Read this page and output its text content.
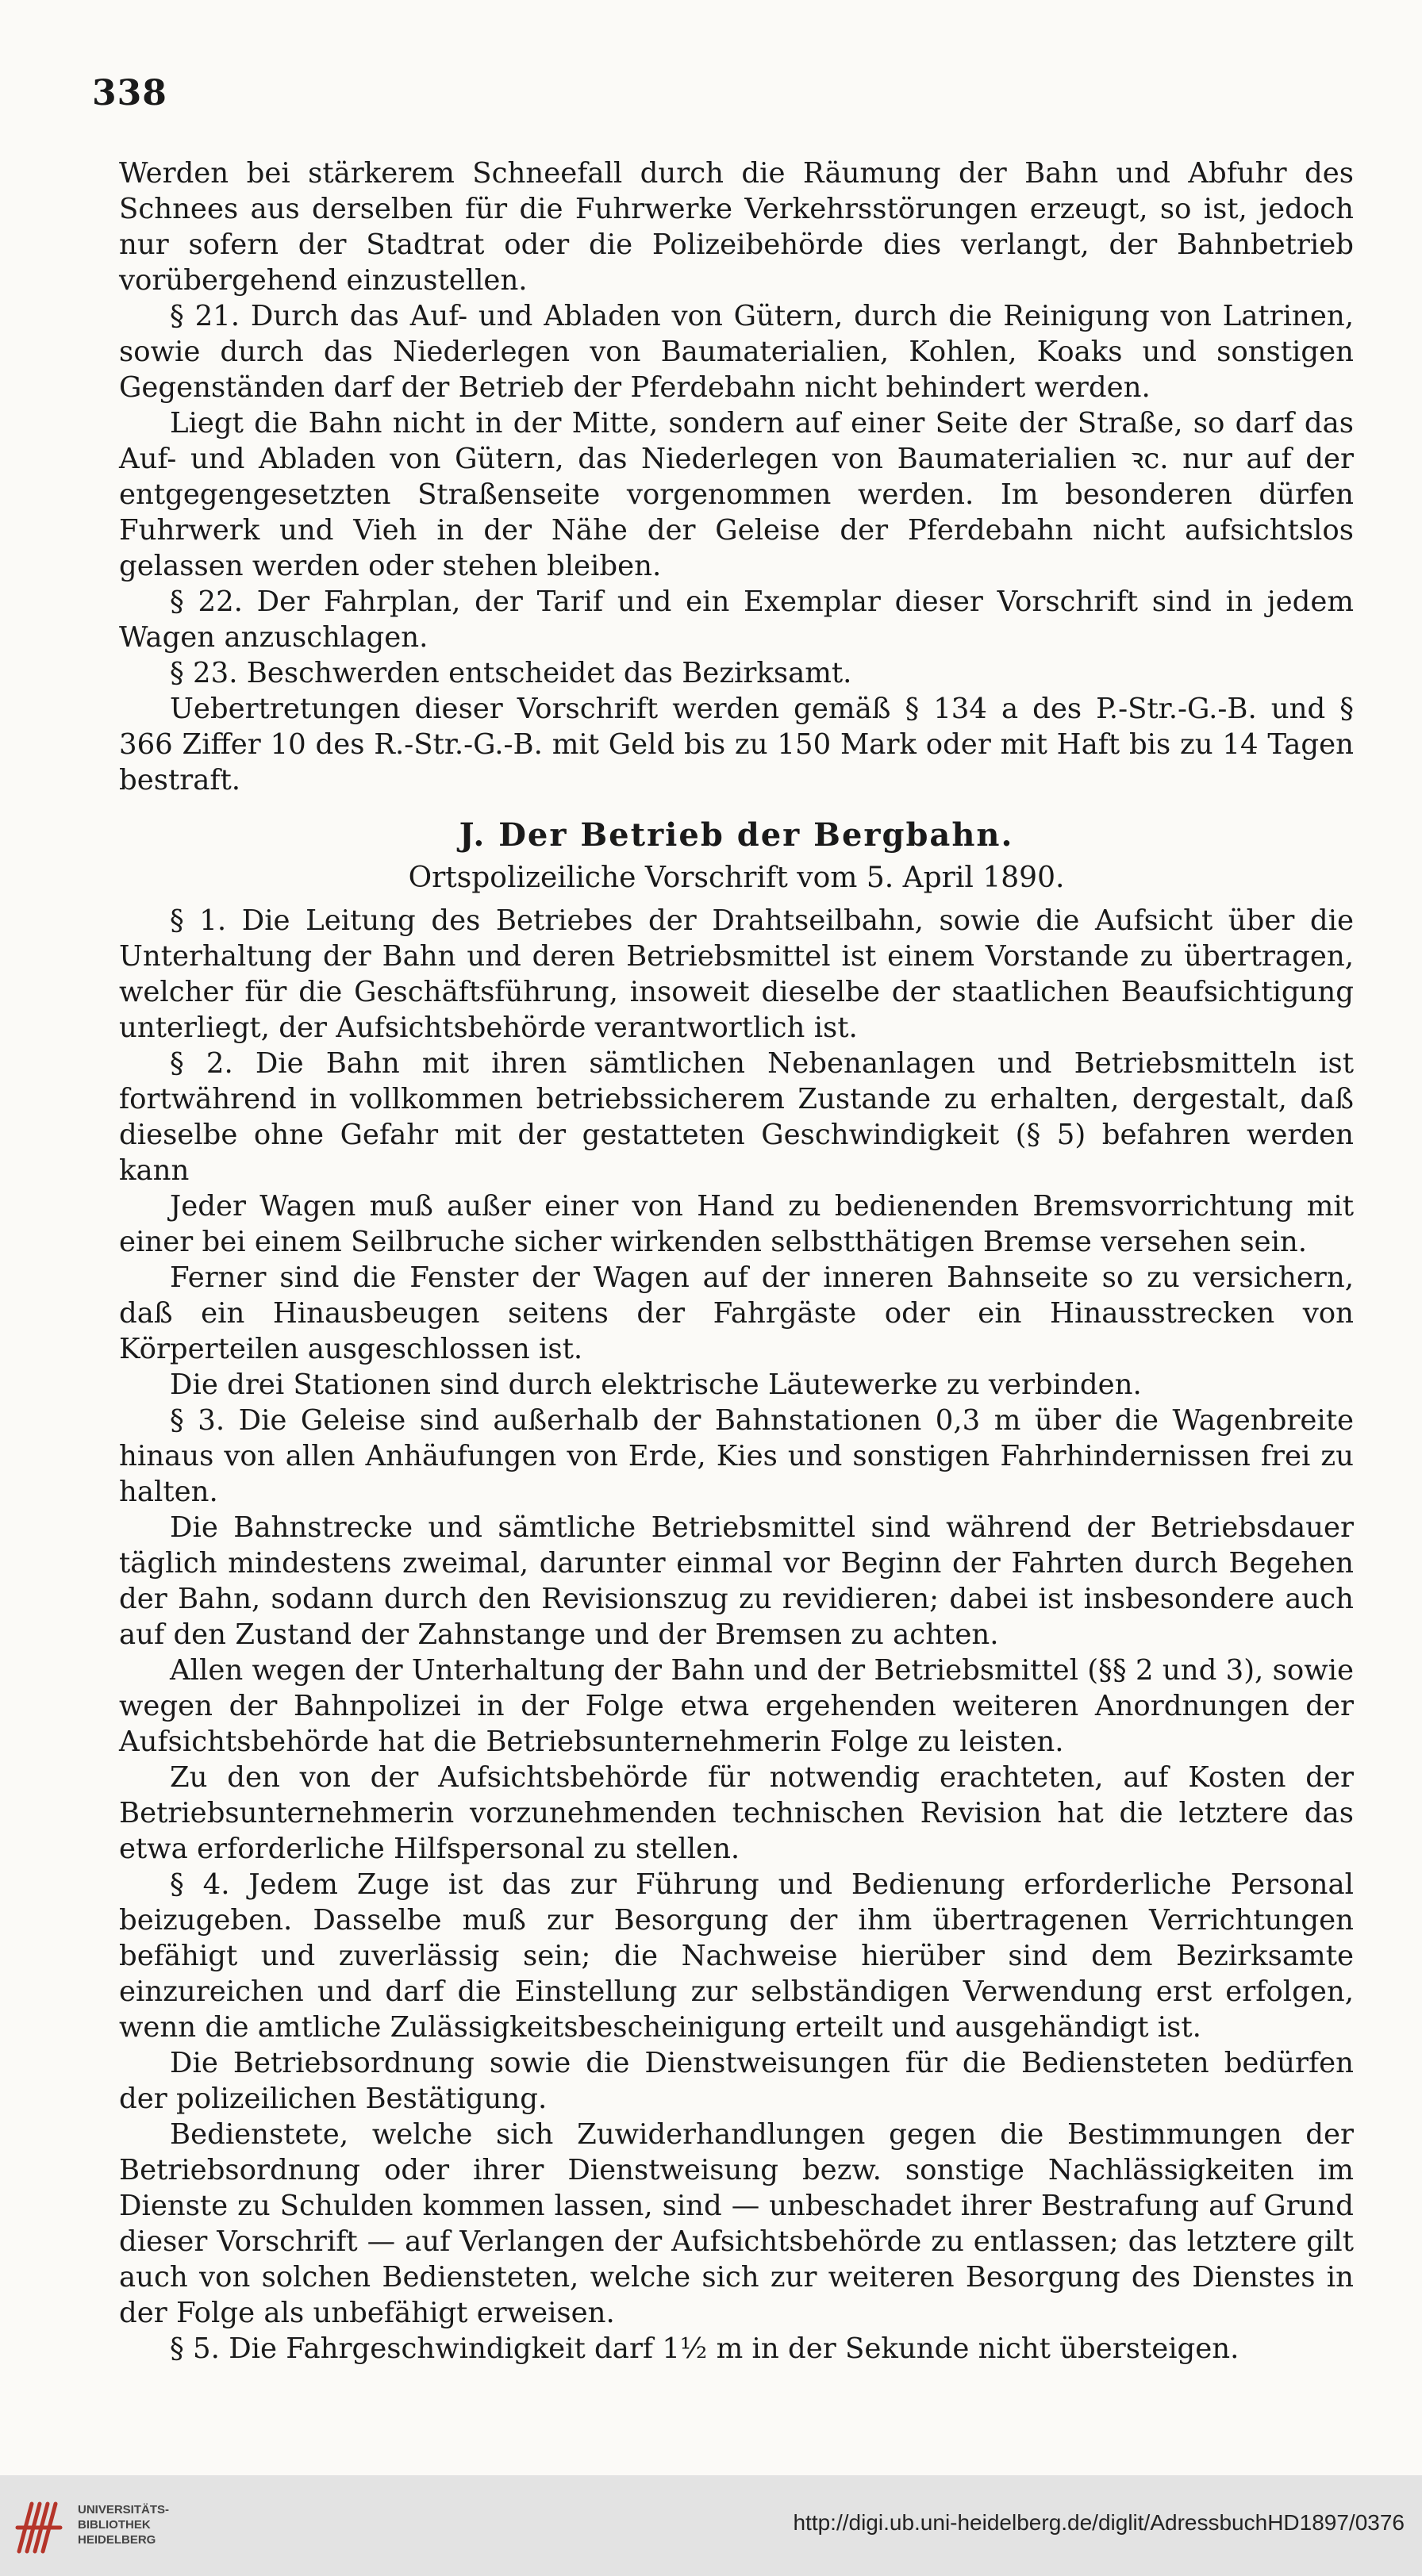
338

Werden bei stärkerem Schneefall durch die Räumung der Bahn und Abfuhr des Schnees aus derselben für die Fuhrwerke Verkehrsstörungen erzeugt, so ist, jedoch nur sofern der Stadtrat oder die Polizeibehörde dies verlangt, der Bahnbetrieb vorübergehend einzustellen.

§ 21. Durch das Auf- und Abladen von Gütern, durch die Reinigung von Latrinen, sowie durch das Niederlegen von Baumaterialien, Kohlen, Koaks und sonstigen Gegenständen darf der Betrieb der Pferdebahn nicht behindert werden.

Liegt die Bahn nicht in der Mitte, sondern auf einer Seite der Straße, so darf das Auf- und Abladen von Gütern, das Niederlegen von Baumaterialien ꝛc. nur auf der entgegengesetzten Straßenseite vorgenommen werden. Im besonderen dürfen Fuhrwerk und Vieh in der Nähe der Geleise der Pferdebahn nicht aufsichtslos gelassen werden oder stehen bleiben.

§ 22. Der Fahrplan, der Tarif und ein Exemplar dieser Vorschrift sind in jedem Wagen anzuschlagen.

§ 23. Beschwerden entscheidet das Bezirksamt.

Uebertretungen dieser Vorschrift werden gemäß § 134 a des P.-Str.-G.-B. und § 366 Ziffer 10 des R.-Str.-G.-B. mit Geld bis zu 150 Mark oder mit Haft bis zu 14 Tagen bestraft.

J. Der Betrieb der Bergbahn.

Ortspolizeiliche Vorschrift vom 5. April 1890.

§ 1. Die Leitung des Betriebes der Drahtseilbahn, sowie die Aufsicht über die Unterhaltung der Bahn und deren Betriebsmittel ist einem Vorstande zu übertragen, welcher für die Geschäftsführung, insoweit dieselbe der staatlichen Beaufsichtigung unterliegt, der Aufsichtsbehörde verantwortlich ist.

§ 2. Die Bahn mit ihren sämtlichen Nebenanlagen und Betriebsmitteln ist fortwährend in vollkommen betriebssicherem Zustande zu erhalten, dergestalt, daß dieselbe ohne Gefahr mit der gestatteten Geschwindigkeit (§ 5) befahren werden kann

Jeder Wagen muß außer einer von Hand zu bedienenden Bremsvorrichtung mit einer bei einem Seilbruche sicher wirkenden selbstthätigen Bremse versehen sein.

Ferner sind die Fenster der Wagen auf der inneren Bahnseite so zu versichern, daß ein Hinausbeugen seitens der Fahrgäste oder ein Hinausstrecken von Körperteilen ausgeschlossen ist.

Die drei Stationen sind durch elektrische Läutewerke zu verbinden.

§ 3. Die Geleise sind außerhalb der Bahnstationen 0,3 m über die Wagenbreite hinaus von allen Anhäufungen von Erde, Kies und sonstigen Fahrhindernissen frei zu halten.

Die Bahnstrecke und sämtliche Betriebsmittel sind während der Betriebsdauer täglich mindestens zweimal, darunter einmal vor Beginn der Fahrten durch Begehen der Bahn, sodann durch den Revisionszug zu revidieren; dabei ist insbesondere auch auf den Zustand der Zahnstange und der Bremsen zu achten.

Allen wegen der Unterhaltung der Bahn und der Betriebsmittel (§§ 2 und 3), sowie wegen der Bahnpolizei in der Folge etwa ergehenden weiteren Anordnungen der Aufsichtsbehörde hat die Betriebsunternehmerin Folge zu leisten.

Zu den von der Aufsichtsbehörde für notwendig erachteten, auf Kosten der Betriebsunternehmerin vorzunehmenden technischen Revision hat die letztere das etwa erforderliche Hilfspersonal zu stellen.

§ 4. Jedem Zuge ist das zur Führung und Bedienung erforderliche Personal beizugeben. Dasselbe muß zur Besorgung der ihm übertragenen Verrichtungen befähigt und zuverlässig sein; die Nachweise hierüber sind dem Bezirksamte einzureichen und darf die Einstellung zur selbständigen Verwendung erst erfolgen, wenn die amtliche Zulässigkeitsbescheinigung erteilt und ausgehändigt ist.

Die Betriebsordnung sowie die Dienstweisungen für die Bediensteten bedürfen der polizeilichen Bestätigung.

Bedienstete, welche sich Zuwiderhandlungen gegen die Bestimmungen der Betriebsordnung oder ihrer Dienstweisung bezw. sonstige Nachlässigkeiten im Dienste zu Schulden kommen lassen, sind — unbeschadet ihrer Bestrafung auf Grund dieser Vorschrift — auf Verlangen der Aufsichtsbehörde zu entlassen; das letztere gilt auch von solchen Bediensteten, welche sich zur weiteren Besorgung des Dienstes in der Folge als unbefähigt erweisen.

§ 5. Die Fahrgeschwindigkeit darf 1½ m in der Sekunde nicht übersteigen.

UNIVERSITÄTS-
BIBLIOTHEK
HEIDELBERG
http://digi.ub.uni-heidelberg.de/diglit/AdressbuchHD1897/0376
